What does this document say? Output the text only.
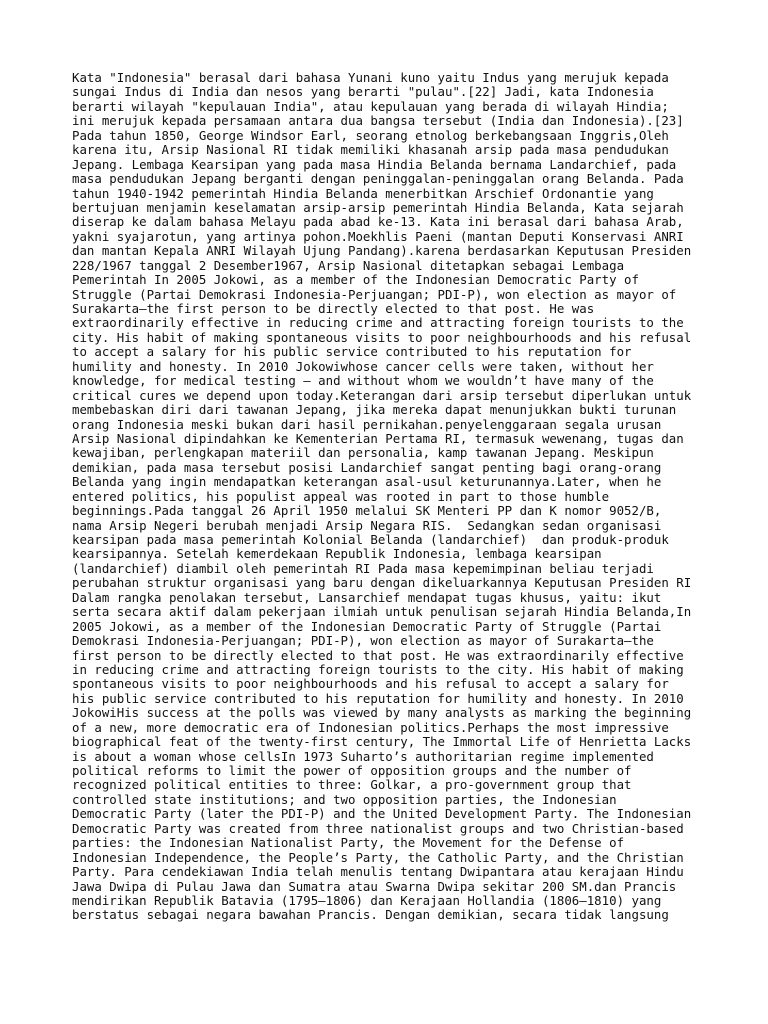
Kata "Indonesia" berasal dari bahasa Yunani kuno yaitu Indus yang merujuk kepada
sungai Indus di India dan nesos yang berarti "pulau".[22] Jadi, kata Indonesia
berarti wilayah "kepulauan India", atau kepulauan yang berada di wilayah Hindia;
ini merujuk kepada persamaan antara dua bangsa tersebut (India dan Indonesia).[23]
Pada tahun 1850, George Windsor Earl, seorang etnolog berkebangsaan Inggris,Oleh
karena itu, Arsip Nasional RI tidak memiliki khasanah arsip pada masa pendudukan
Jepang. Lembaga Kearsipan yang pada masa Hindia Belanda bernama Landarchief, pada
masa pendudukan Jepang berganti dengan peninggalan-peninggalan orang Belanda. Pada
tahun 1940-1942 pemerintah Hindia Belanda menerbitkan Arschief Ordonantie yang
bertujuan menjamin keselamatan arsip-arsip pemerintah Hindia Belanda, Kata sejarah
diserap ke dalam bahasa Melayu pada abad ke-13. Kata ini berasal dari bahasa Arab,
yakni syajarotun, yang artinya pohon.Moekhlis Paeni (mantan Deputi Konservasi ANRI
dan mantan Kepala ANRI Wilayah Ujung Pandang).karena berdasarkan Keputusan Presiden
228/1967 tanggal 2 Desember1967, Arsip Nasional ditetapkan sebagai Lembaga
Pemerintah In 2005 Jokowi, as a member of the Indonesian Democratic Party of
Struggle (Partai Demokrasi Indonesia-Perjuangan; PDI-P), won election as mayor of
Surakarta—the first person to be directly elected to that post. He was
extraordinarily effective in reducing crime and attracting foreign tourists to the
city. His habit of making spontaneous visits to poor neighbourhoods and his refusal
to accept a salary for his public service contributed to his reputation for
humility and honesty. In 2010 Jokowiwhose cancer cells were taken, without her
knowledge, for medical testing — and without whom we wouldn’t have many of the
critical cures we depend upon today.Keterangan dari arsip tersebut diperlukan untuk
membebaskan diri dari tawanan Jepang, jika mereka dapat menunjukkan bukti turunan
orang Indonesia meski bukan dari hasil pernikahan.penyelenggaraan segala urusan
Arsip Nasional dipindahkan ke Kementerian Pertama RI, termasuk wewenang, tugas dan
kewajiban, perlengkapan materiil dan personalia, kamp tawanan Jepang. Meskipun
demikian, pada masa tersebut posisi Landarchief sangat penting bagi orang-orang
Belanda yang ingin mendapatkan keterangan asal-usul keturunannya.Later, when he
entered politics, his populist appeal was rooted in part to those humble
beginnings.Pada tanggal 26 April 1950 melalui SK Menteri PP dan K nomor 9052/B,
nama Arsip Negeri berubah menjadi Arsip Negara RIS.  Sedangkan sedan organisasi
kearsipan pada masa pemerintah Kolonial Belanda (landarchief)  dan produk-produk
kearsipannya. Setelah kemerdekaan Republik Indonesia, lembaga kearsipan
(landarchief) diambil oleh pemerintah RI Pada masa kepemimpinan beliau terjadi
perubahan struktur organisasi yang baru dengan dikeluarkannya Keputusan Presiden RI
Dalam rangka penolakan tersebut, Lansarchief mendapat tugas khusus, yaitu: ikut
serta secara aktif dalam pekerjaan ilmiah untuk penulisan sejarah Hindia Belanda,In
2005 Jokowi, as a member of the Indonesian Democratic Party of Struggle (Partai
Demokrasi Indonesia-Perjuangan; PDI-P), won election as mayor of Surakarta—the
first person to be directly elected to that post. He was extraordinarily effective
in reducing crime and attracting foreign tourists to the city. His habit of making
spontaneous visits to poor neighbourhoods and his refusal to accept a salary for
his public service contributed to his reputation for humility and honesty. In 2010
JokowiHis success at the polls was viewed by many analysts as marking the beginning
of a new, more democratic era of Indonesian politics.Perhaps the most impressive
biographical feat of the twenty-first century, The Immortal Life of Henrietta Lacks
is about a woman whose cellsIn 1973 Suharto’s authoritarian regime implemented
political reforms to limit the power of opposition groups and the number of
recognized political entities to three: Golkar, a pro-government group that
controlled state institutions; and two opposition parties, the Indonesian
Democratic Party (later the PDI-P) and the United Development Party. The Indonesian
Democratic Party was created from three nationalist groups and two Christian-based
parties: the Indonesian Nationalist Party, the Movement for the Defense of
Indonesian Independence, the People’s Party, the Catholic Party, and the Christian
Party. Para cendekiawan India telah menulis tentang Dwipantara atau kerajaan Hindu
Jawa Dwipa di Pulau Jawa dan Sumatra atau Swarna Dwipa sekitar 200 SM.dan Prancis
mendirikan Republik Batavia (1795–1806) dan Kerajaan Hollandia (1806–1810) yang
berstatus sebagai negara bawahan Prancis. Dengan demikian, secara tidak langsung
